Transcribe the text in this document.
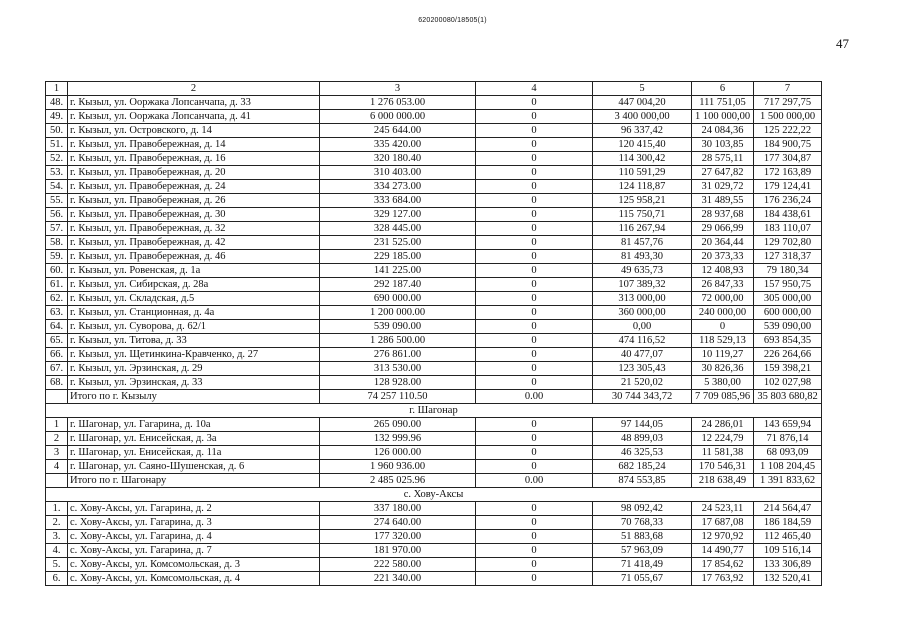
620200080/18505(1)
47
1	2	3	4	5	6	7
48.	г. Кызыл, ул. Ооржака Лопсанчапа, д. 33	1 276 053.00	0	447 004,20	111 751,05	717 297,75
49.	г. Кызыл, ул. Ооржака Лопсанчапа, д. 41	6 000 000.00	0	3 400 000,00	1 100 000,00	1 500 000,00
50.	г. Кызыл, ул. Островского, д. 14	245 644.00	0	96 337,42	24 084,36	125 222,22
51.	г. Кызыл, ул. Правобережная, д. 14	335 420.00	0	120 415,40	30 103,85	184 900,75
52.	г. Кызыл, ул. Правобережная, д. 16	320 180.40	0	114 300,42	28 575,11	177 304,87
53.	г. Кызыл, ул. Правобережная, д. 20	310 403.00	0	110 591,29	27 647,82	172 163,89
54.	г. Кызыл, ул. Правобережная, д. 24	334 273.00	0	124 118,87	31 029,72	179 124,41
55.	г. Кызыл, ул. Правобережная, д. 26	333 684.00	0	125 958,21	31 489,55	176 236,24
56.	г. Кызыл, ул. Правобережная, д. 30	329 127.00	0	115 750,71	28 937,68	184 438,61
57.	г. Кызыл, ул. Правобережная, д. 32	328 445.00	0	116 267,94	29 066,99	183 110,07
58.	г. Кызыл, ул. Правобережная, д. 42	231 525.00	0	81 457,76	20 364,44	129 702,80
59.	г. Кызыл, ул. Правобережная, д. 46	229 185.00	0	81 493,30	20 373,33	127 318,37
60.	г. Кызыл, ул. Ровенская, д. 1а	141 225.00	0	49 635,73	12 408,93	79 180,34
61.	г. Кызыл, ул. Сибирская, д. 28а	292 187.40	0	107 389,32	26 847,33	157 950,75
62.	г. Кызыл, ул. Складская, д.5	690 000.00	0	313 000,00	72 000,00	305 000,00
63.	г. Кызыл, ул. Станционная, д. 4а	1 200 000.00	0	360 000,00	240 000,00	600 000,00
64.	г. Кызыл, ул. Суворова, д. 62/1	539 090.00	0	0,00	0	539 090,00
65.	г. Кызыл, ул. Титова, д. 33	1 286 500.00	0	474 116,52	118 529,13	693 854,35
66.	г. Кызыл, ул. Щетинкина-Кравченко, д. 27	276 861.00	0	40 477,07	10 119,27	226 264,66
67.	г. Кызыл, ул. Эрзинская, д. 29	313 530.00	0	123 305,43	30 826,36	159 398,21
68.	г. Кызыл, ул. Эрзинская, д. 33	128 928.00	0	21 520,02	5 380,00	102 027,98
	Итого по г. Кызылу	74 257 110.50	0.00	30 744 343,72	7 709 085,96	35 803 680,82
г. Шагонар						
1	г. Шагонар, ул. Гагарина, д. 10а	265 090.00	0	97 144,05	24 286,01	143 659,94
2	г. Шагонар, ул. Енисейская, д. 3а	132 999.96	0	48 899,03	12 224,79	71 876,14
3	г. Шагонар, ул. Енисейская, д. 11а	126 000.00	0	46 325,53	11 581,38	68 093,09
4	г. Шагонар, ул. Саяно-Шушенская, д. 6	1 960 936.00	0	682 185,24	170 546,31	1 108 204,45
	Итого по г. Шагонару	2 485 025.96	0.00	874 553,85	218 638,49	1 391 833,62
с. Хову-Аксы						
1.	с. Хову-Аксы, ул. Гагарина, д. 2	337 180.00	0	98 092,42	24 523,11	214 564,47
2.	с. Хову-Аксы, ул. Гагарина, д. 3	274 640.00	0	70 768,33	17 687,08	186 184,59
3.	с. Хову-Аксы, ул. Гагарина, д. 4	177 320.00	0	51 883,68	12 970,92	112 465,40
4.	с. Хову-Аксы, ул. Гагарина, д. 7	181 970.00	0	57 963,09	14 490,77	109 516,14
5.	с. Хову-Аксы, ул. Комсомольская, д. 3	222 580.00	0	71 418,49	17 854,62	133 306,89
6.	с. Хову-Аксы, ул. Комсомольская, д. 4	221 340.00	0	71 055,67	17 763,92	132 520,41
